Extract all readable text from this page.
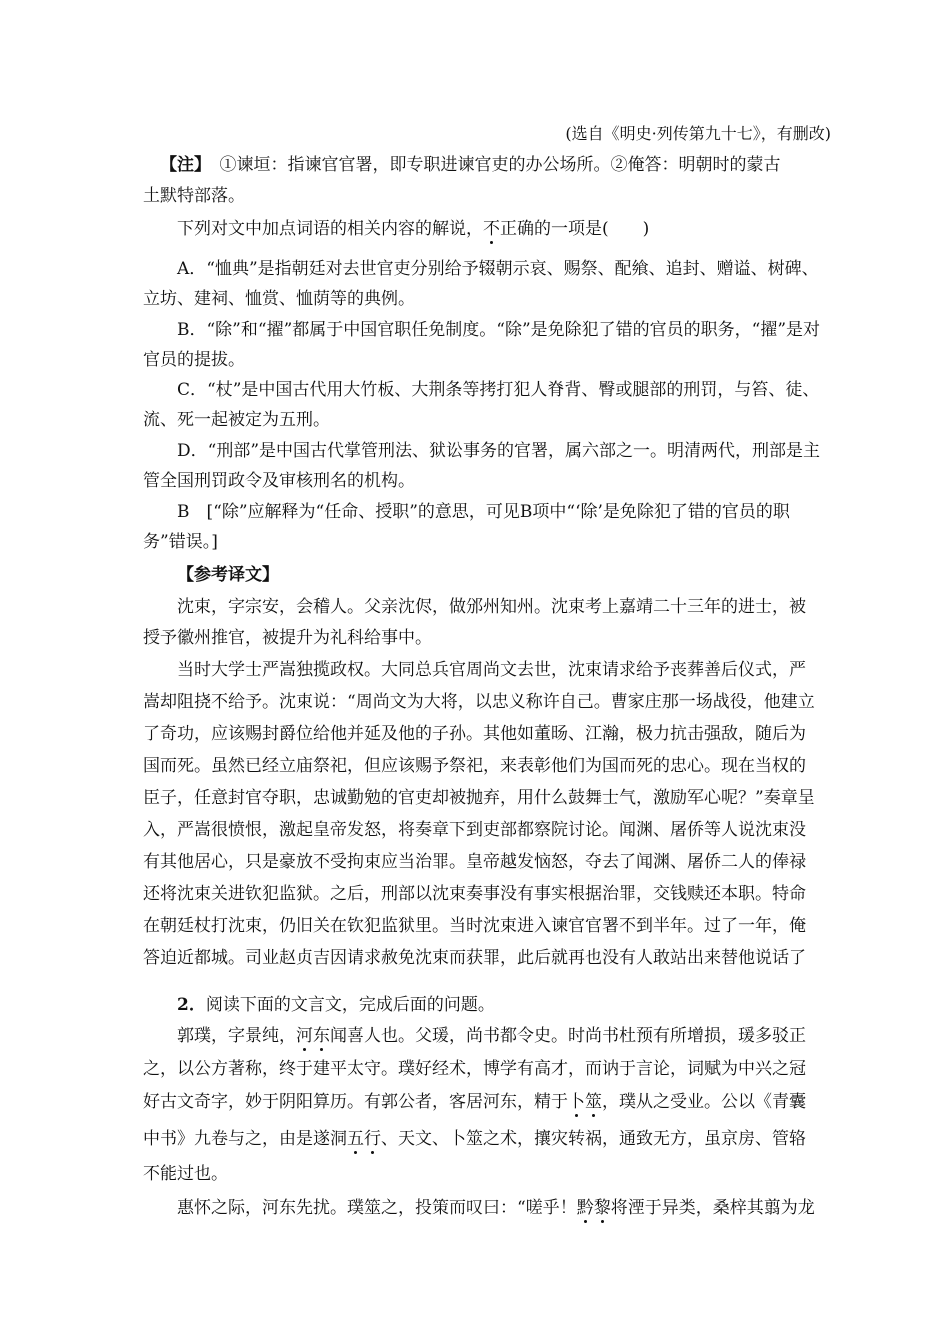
(选自《明史·列传第九十七》，有删改)
【注】　 ①谏垣：指谏官官署，即专职进谏官吏的办公场所。②俺答：明朝时的蒙古
土默特部落。
下列对文中加点词语的相关内容的解说，不正确的一项是(　　)
A．“恤典”是指朝廷对去世官吏分别给予辍朝示哀、赐祭、配飨、追封、赠谥、树碑、
立坊、建祠、恤赏、恤荫等的典例。
B．“除”和“擢”都属于中国官职任免制度。“除”是免除犯了错的官员的职务，“擢”是对
官员的提拔。
C．“杖”是中国古代用大竹板、大荆条等拷打犯人脊背、臀或腿部的刑罚，与笞、徒、
流、死一起被定为五刑。
D．“刑部”是中国古代掌管刑法、狱讼事务的官署，属六部之一。明清两代，刑部是主
管全国刑罚政令及审核刑名的机构。
B　[“除”应解释为“任命、授职”的意思，可见B项中“‘除’是免除犯了错的官员的职
务”错误。]
【参考译文】
沈束，字宗安，会稽人。父亲沈侭，做邠州知州。沈束考上嘉靖二十三年的进士，被
授予徽州推官，被提升为礼科给事中。
当时大学士严嵩独揽政权。大同总兵官周尚文去世，沈束请求给予丧葬善后仪式，严
嵩却阻挠不给予。沈束说：“周尚文为大将，以忠义称许自己。曹家庄那一场战役，他建立
了奇功，应该赐封爵位给他并延及他的子孙。其他如董旸、江瀚，极力抗击强敌，随后为
国而死。虽然已经立庙祭祀，但应该赐予祭祀，来表彰他们为国而死的忠心。现在当权的
臣子，任意封官夺职，忠诚勤勉的官吏却被抛弃，用什么鼓舞士气，激励军心呢？”奏章呈
入，严嵩很愤恨，激起皇帝发怒，将奏章下到吏部都察院讨论。闻渊、屠侨等人说沈束没
有其他居心，只是豪放不受拘束应当治罪。皇帝越发恼怒，夺去了闻渊、屠侨二人的俸禄
还将沈束关进钦犯监狱。之后，刑部以沈束奏事没有事实根据治罪，交钱赎还本职。特命
在朝廷杖打沈束，仍旧关在钦犯监狱里。当时沈束进入谏官官署不到半年。过了一年，俺
答迫近都城。司业赵贞吉因请求赦免沈束而获罪，此后就再也没有人敢站出来替他说话了
2．阅读下面的文言文，完成后面的问题。
郭璞，字景纯，河东闻喜人也。父瑗，尚书都令史。时尚书杜预有所增损，瑗多驳正
之，以公方著称，终于建平太守。璞好经术，博学有高才，而讷于言论，词赋为中兴之冠
好古文奇字，妙于阴阳算历。有郭公者，客居河东，精于卜筮，璞从之受业。公以《青囊
中书》九卷与之，由是遂洞五行、天文、卜筮之术，攘灾转祸，通致无方，虽京房、管辂
不能过也。
惠怀之际，河东先扰。璞筮之，投策而叹曰：“嗟乎！黔黎将湮于异类，桑梓其翦为龙
